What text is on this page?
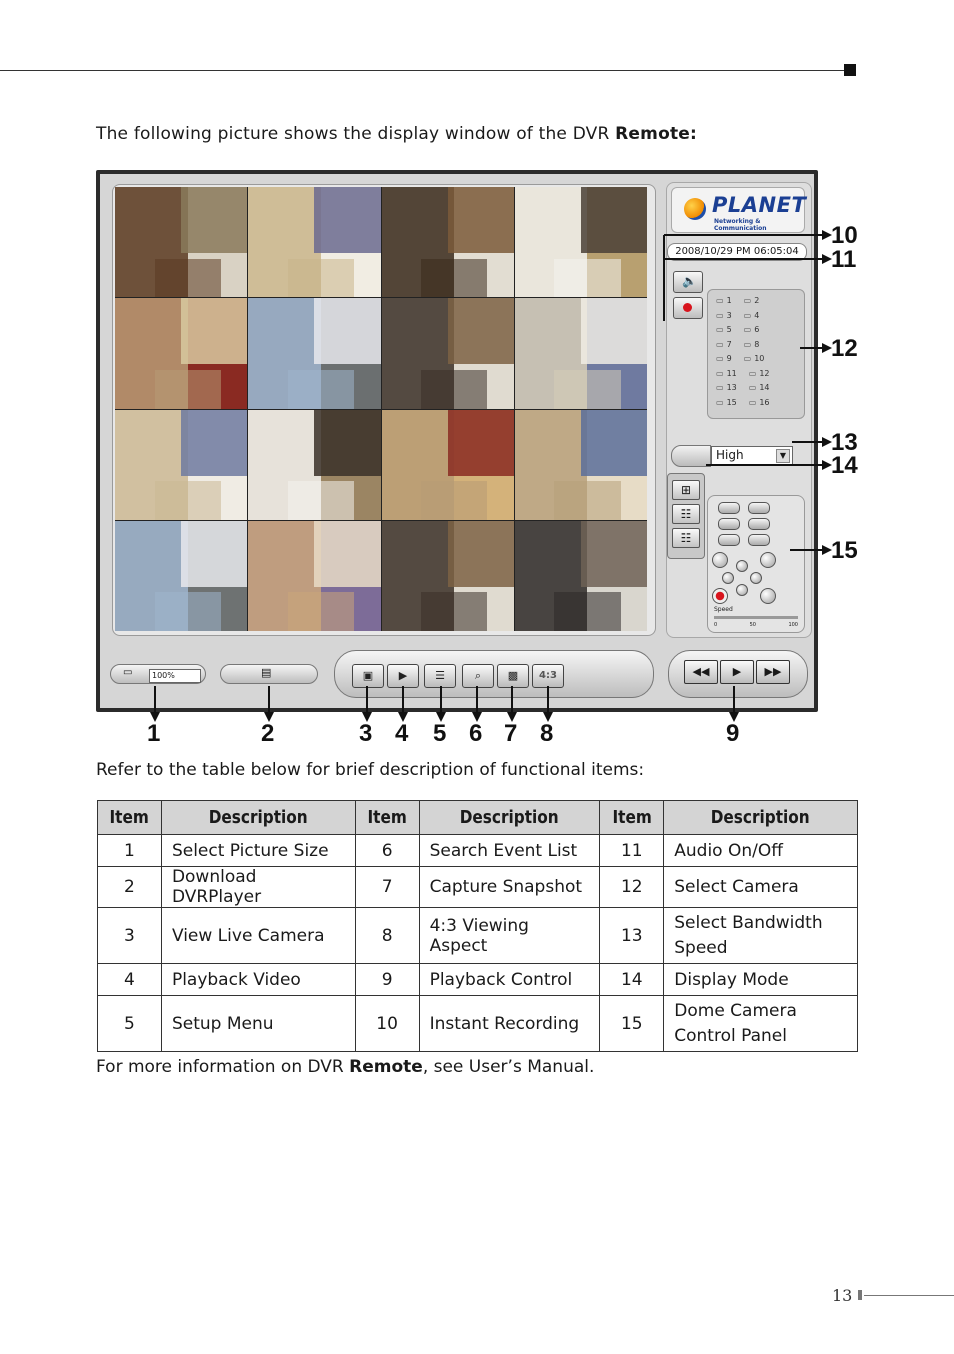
The following picture shows the display window of the DVR Remote:
PLANET
Networking & Communication
2008/10/29 PM 06:05:04
🔈
▭ 1	▭ 2
▭ 3	▭ 4
▭ 5	▭ 6
▭ 7	▭ 8
▭ 9	▭ 10
▭ 11	▭ 12
▭ 13	▭ 14
▭ 15	▭ 16
High	▼
⊞
☷
☷
Speed
0	50	100
▭	100%	▤	▣	▶	☰	⌕	▩	4:3	◀◀	▶	▶▶
1	2	3 4 5 6 7 8	9
10
11
12
13
14
15
Refer to the table below for brief description of functional items:
Item	Description	Item	Description	Item	Description
1	Select Picture Size	6	Search Event List	11	Audio On/Off
2	Download DVRPlayer	7	Capture Snapshot	12	Select Camera
3	View Live Camera	8	4:3 Viewing Aspect	13	Select Bandwidth Speed
4	Playback Video	9	Playback Control	14	Display Mode
5	Setup Menu	10	Instant Recording	15	Dome Camera Control Panel
For more information on DVR Remote, see User’s Manual.
13
